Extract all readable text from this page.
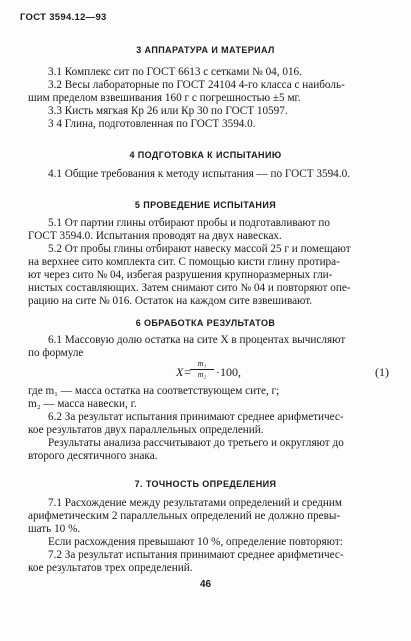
ГОСТ 3594.12—93
3 АППАРАТУРА И МАТЕРИАЛ
3.1 Комплекс сит по ГОСТ 6613 с сетками № 04, 016.
3.2 Весы лабораторные по ГОСТ 24104 4-го класса с наиболь-
шим пределом взвешивания 160 г с погрешностью ±5 мг.
3.3 Кисть мягкая Кр 26 или Кр 30 по ГОСТ 10597.
3 4 Глина, подготовленная по ГОСТ 3594.0.
4 ПОДГОТОВКА К ИСПЫТАНИЮ
4.1 Общие требования к методу испытания — по ГОСТ 3594.0.
5 ПРОВЕДЕНИЕ ИСПЫТАНИЯ
5.1 От партии глины отбирают пробы и подготавливают по
ГОСТ 3594.0. Испытания проводят на двух навесках.
5.2 От пробы глины отбирают навеску массой 25 г и помещают
на верхнее сито комплекта сит. С помощью кисти глину протира-
ют через сито № 04, избегая разрушения крупноразмерных гли-
нистых составляющих. Затем снимают сито № 04 и повторяют опе-
рацию на сите № 016. Остаток на каждом сите взвешивают.
6 ОБРАБОТКА РЕЗУЛЬТАТОВ
6.1 Массовую долю остатка на сите X в процентах вычисляют
по формуле
X=
$\frac{\text{m₁}}{\text{m₂}} \cdot 100$,	(1)
где m₁ — масса остатка на соответствующем сите, г;
m₂ — масса навески, г.
6.2 За результат испытания принимают среднее арифметичес-
кое результатов двух параллельных определений.
Результаты анализа рассчитывают до третьего и округляют до
второго десятичного знака.
7. ТОЧНОСТЬ ОПРЕДЕЛЕНИЯ
7.1 Расхождение между результатами определений и средним
арифметическим 2 параллельных определений не должно превы-
шать 10 %.
Если расхождения превышают 10 %, определение повторяют:
7.2 За результат испытания принимают среднее арифметичес-
кое результатов трех определений.
46
